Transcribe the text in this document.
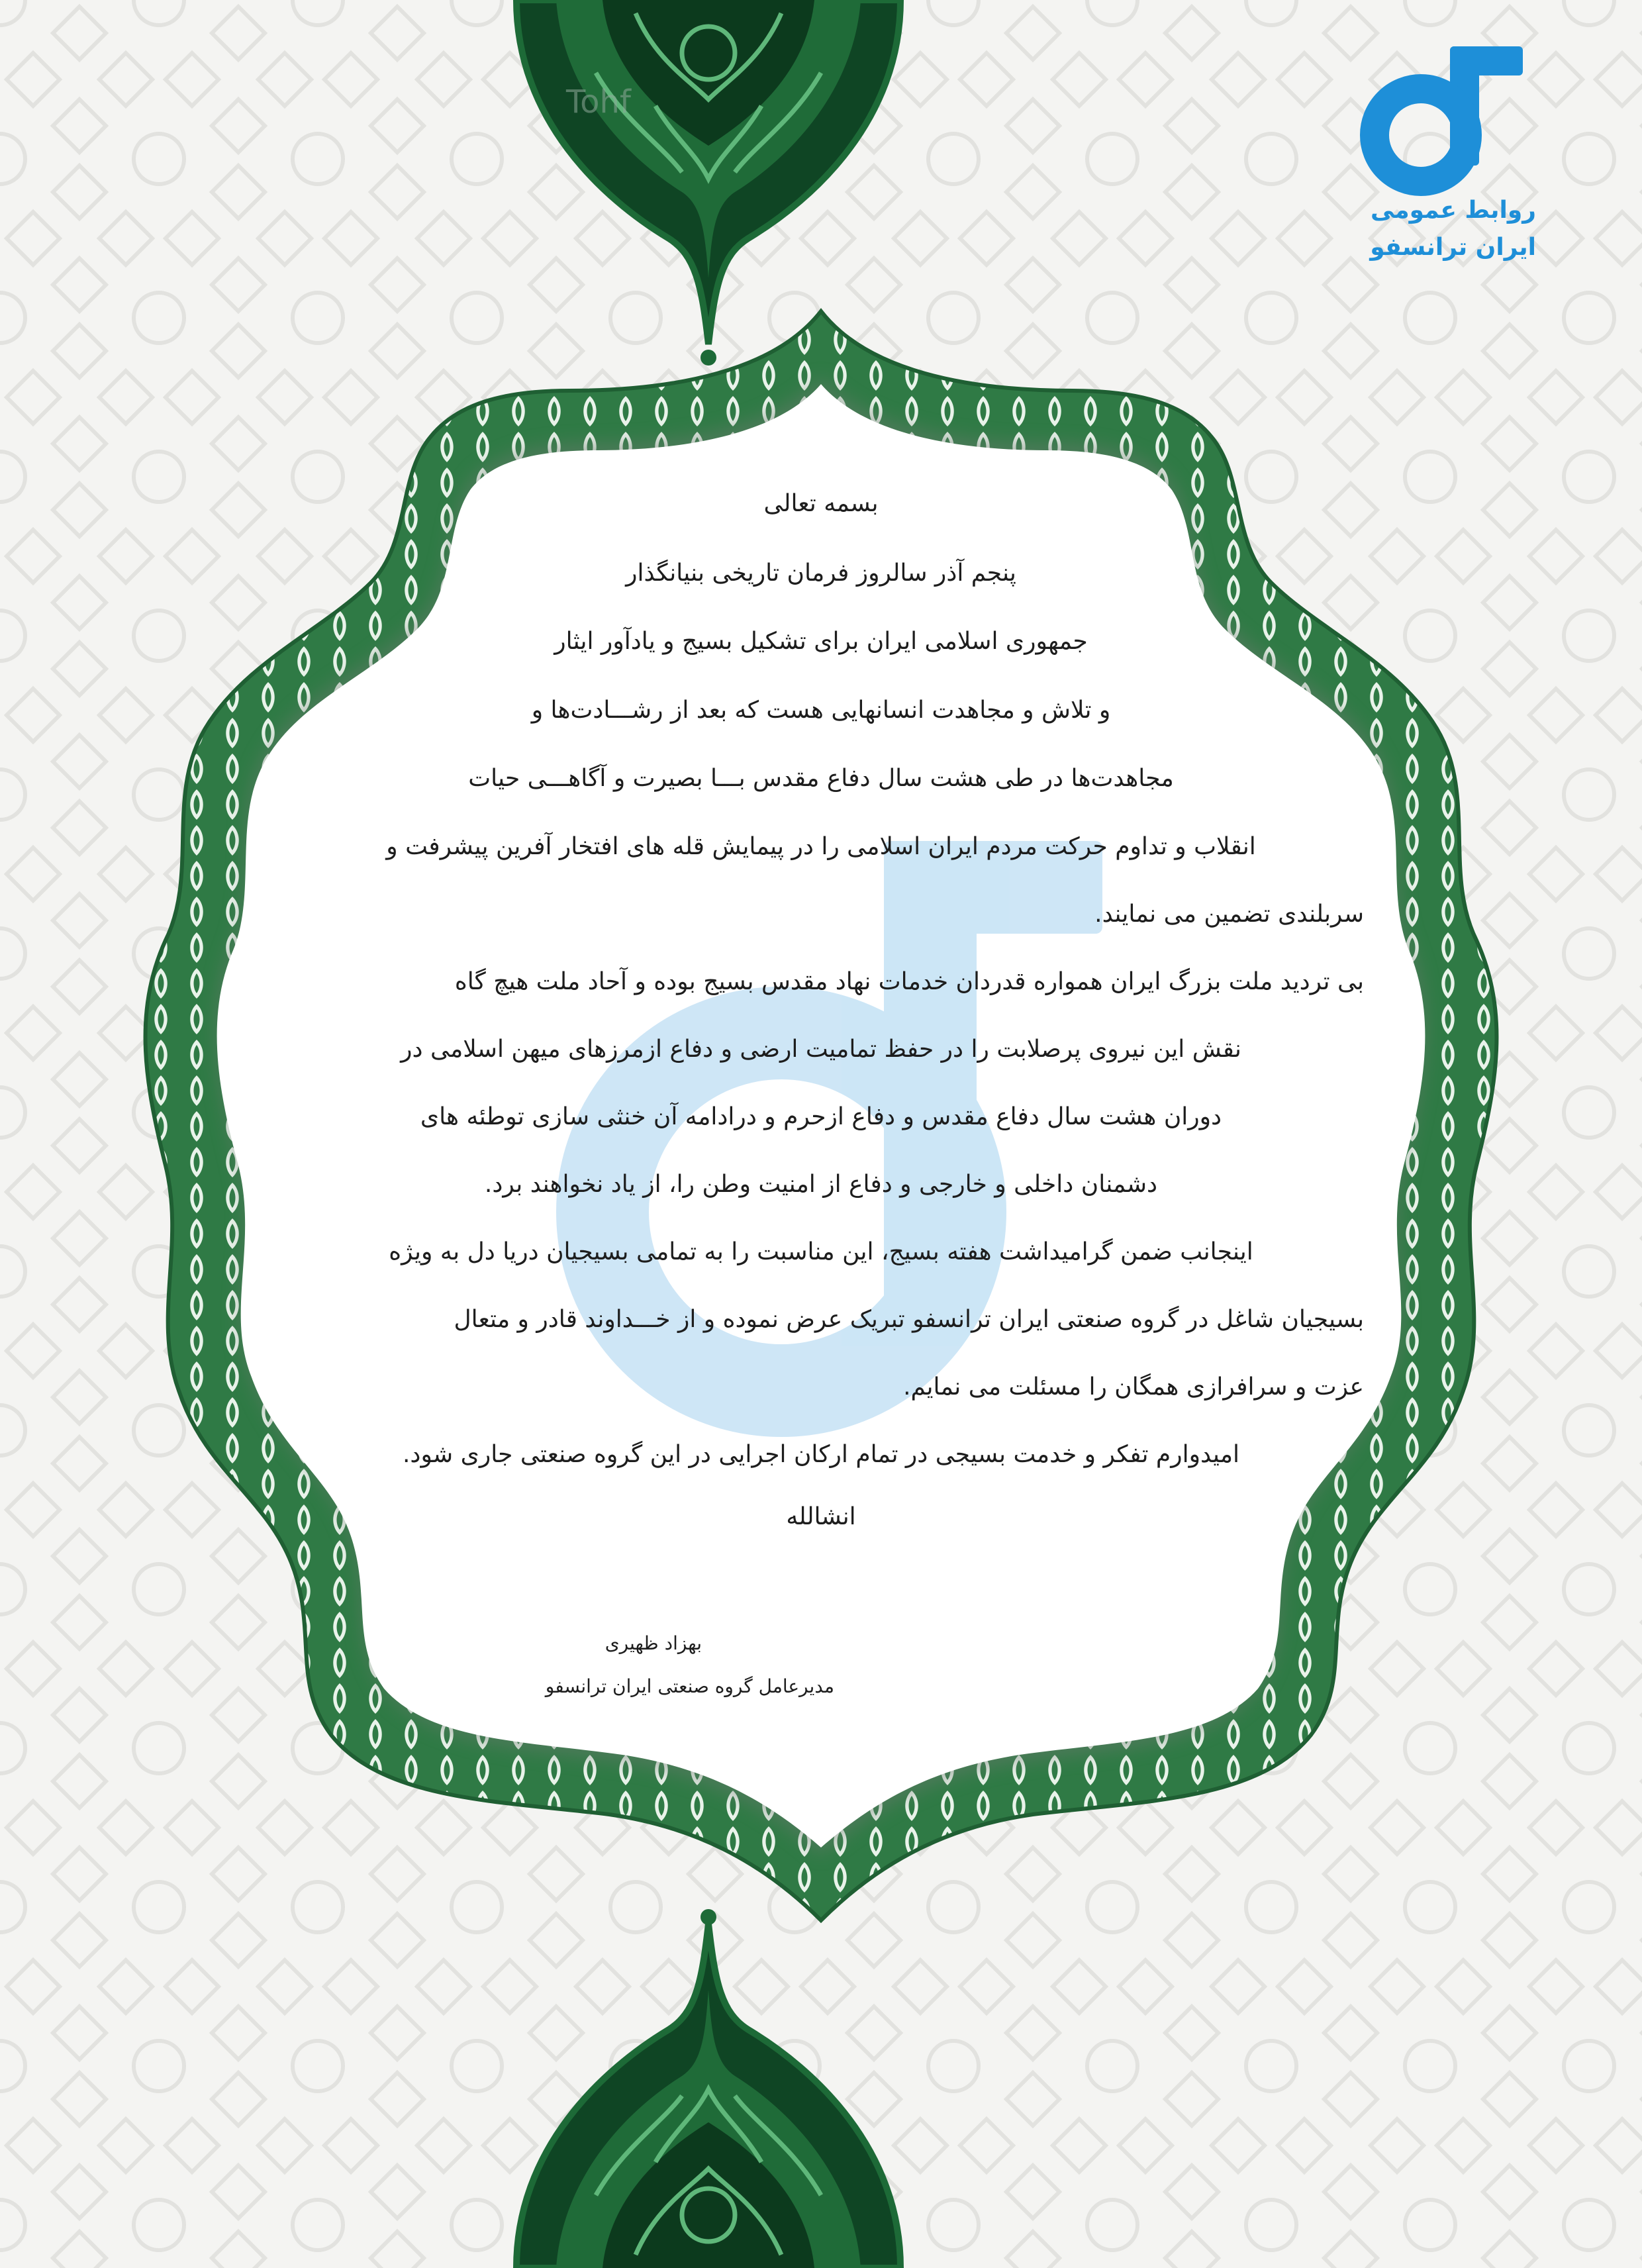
Tohf
روابط عمومی
ایران ترانسفو
بسمه تعالی
پنجم آذر سالروز فرمان تاریخی بنیانگذار
جمهوری اسلامی ایران برای تشکیل بسیج و یادآور ایثار
و تلاش و مجاهدت انسانهایی هست که بعد از رشـــادت‌ها و
مجاهدت‌ها در طی هشت سال دفاع مقدس بـــا بصیرت و آگاهـــی حیات
انقلاب و تداوم حرکت مردم ایران اسلامی را در پیمایش قله های افتخار آفرین پیشرفت و
سربلندی تضمین می نمایند.
بی تردید ملت بزرگ ایران همواره قدردان خدمات نهاد مقدس بسیج بوده و آحاد ملت هیچ گاه
نقش این نیروی پرصلابت را در حفظ تمامیت ارضی و دفاع ازمرزهای میهن اسلامی در
دوران هشت سال دفاع مقدس و دفاع ازحرم و درادامه آن خنثی سازی توطئه های
دشمنان داخلی و خارجی و دفاع از امنیت وطن را، از یاد نخواهند برد.
اینجانب ضمن گرامیداشت هفته بسیج، این مناسبت را به تمامی بسیجیان دریا دل به ویژه
بسیجیان شاغل در گروه صنعتی ایران ترانسفو تبریک عرض نموده و از خـــداوند قادر و متعال
عزت و سرافرازی همگان را مسئلت می نمایم.
امیدوارم تفکر و خدمت بسیجی در تمام ارکان اجرایی در این گروه صنعتی جاری شود.
انشالله
بهزاد ظهیری
مدیرعامل گروه صنعتی ایران ترانسفو
